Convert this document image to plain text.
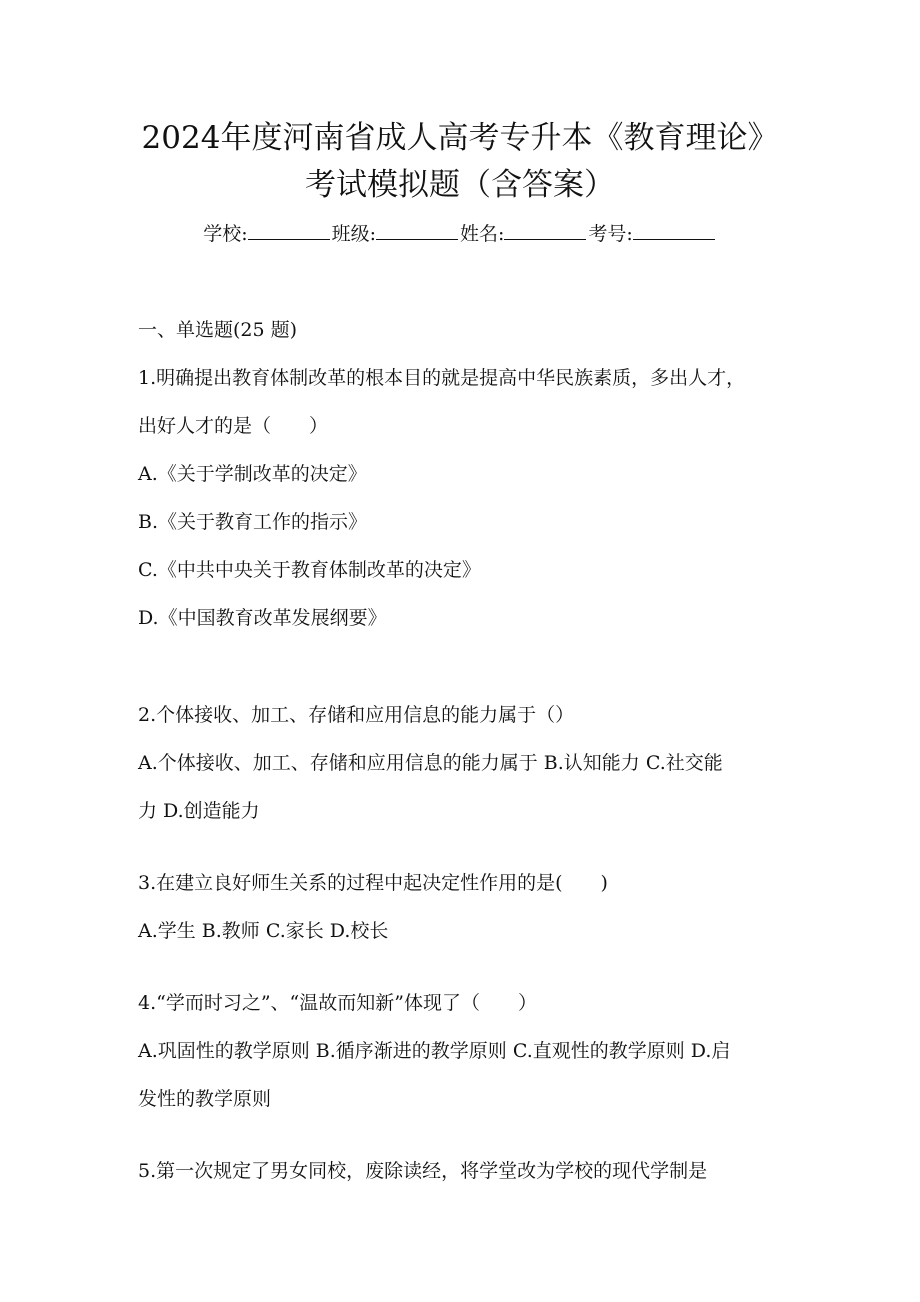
2024年度河南省成人高考专升本《教育理论》
考试模拟题（含答案）
学校:	班级:	姓名:	考号:
一、单选题(25 题)
1.明确提出教育体制改革的根本目的就是提高中华民族素质，多出人才，
出好人才的是（　　）
A.《关于学制改革的决定》
B.《关于教育工作的指示》
C.《中共中央关于教育体制改革的决定》
D.《中国教育改革发展纲要》
2.个体接收、加工、存储和应用信息的能力属于（）
A.个体接收、加工、存储和应用信息的能力属于 B.认知能力 C.社交能
力 D.创造能力
3.在建立良好师生关系的过程中起决定性作用的是(　　)
A.学生 B.教师 C.家长 D.校长
4.“学而时习之”、“温故而知新”体现了（　　）
A.巩固性的教学原则 B.循序渐进的教学原则 C.直观性的教学原则 D.启
发性的教学原则
5.第一次规定了男女同校，废除读经，将学堂改为学校的现代学制是
